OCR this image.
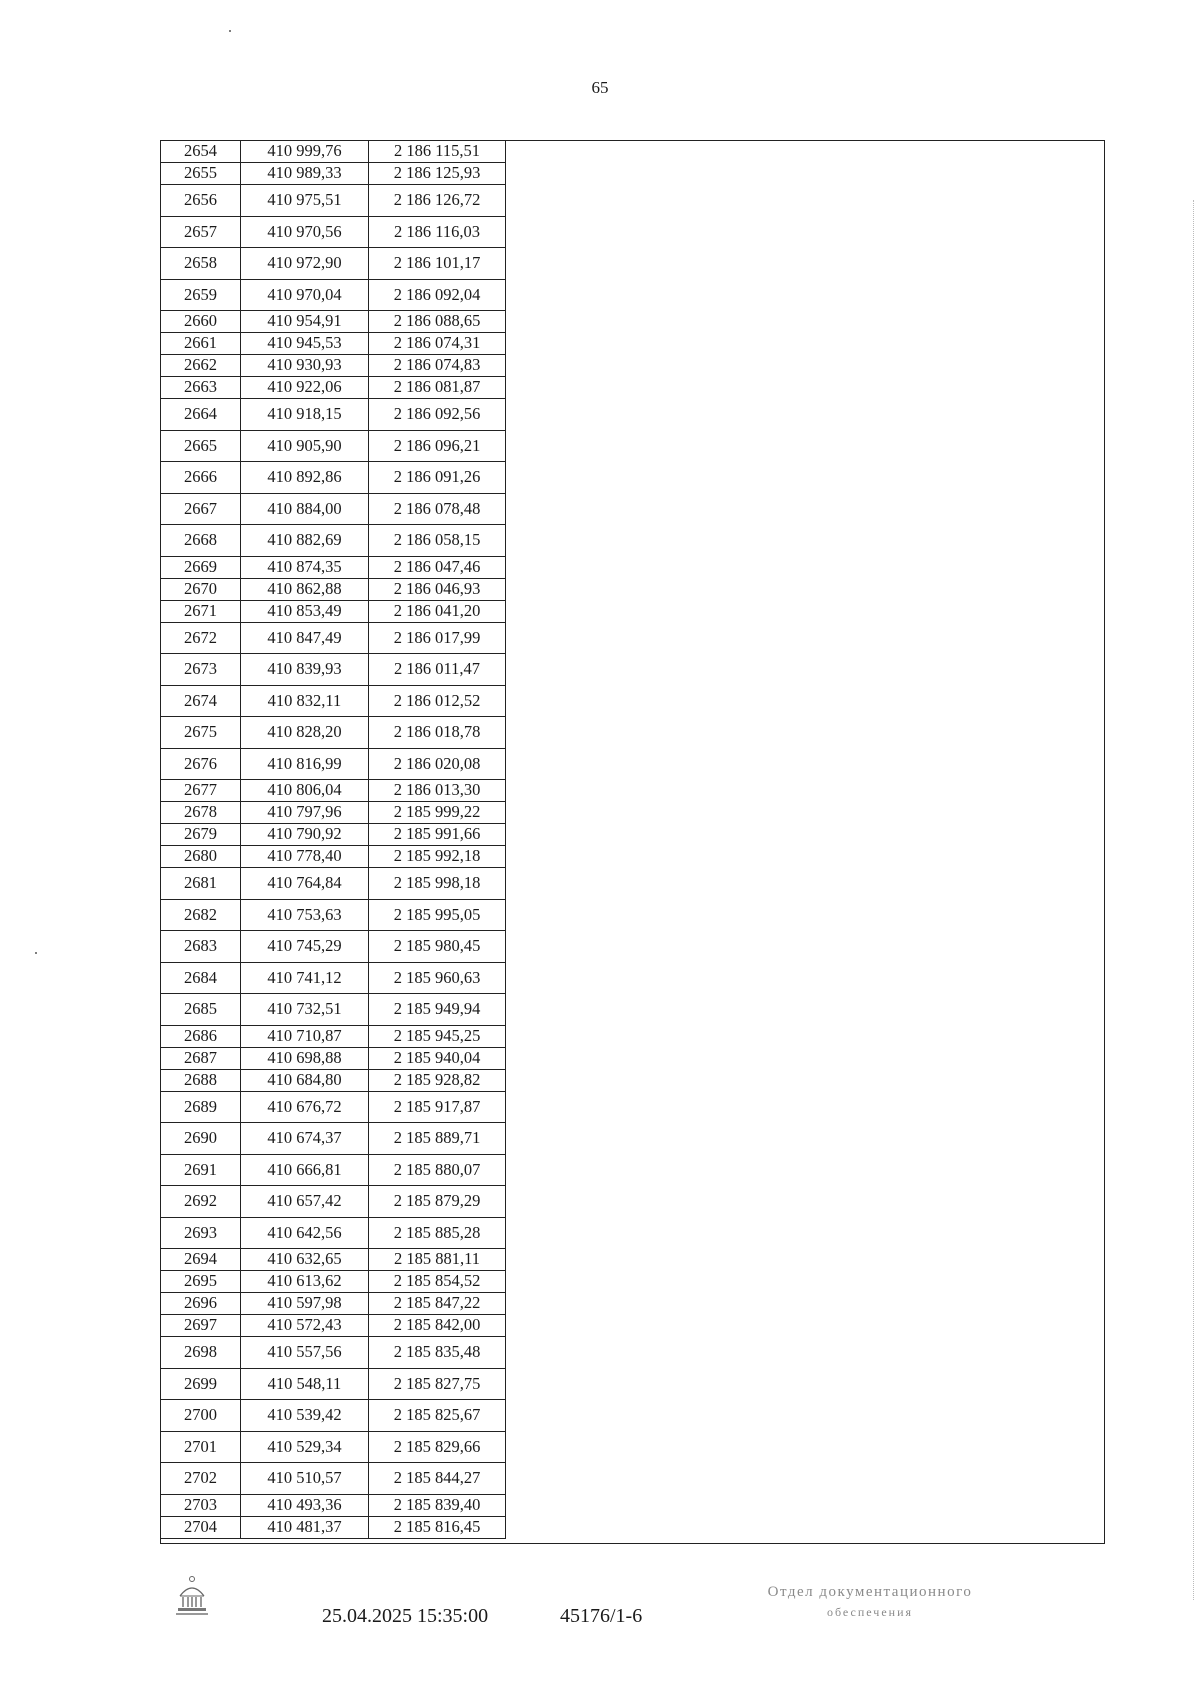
65
2654	410 999,76	2 186 115,51
2655	410 989,33	2 186 125,93
2656	410 975,51	2 186 126,72
2657	410 970,56	2 186 116,03
2658	410 972,90	2 186 101,17
2659	410 970,04	2 186 092,04
2660	410 954,91	2 186 088,65
2661	410 945,53	2 186 074,31
2662	410 930,93	2 186 074,83
2663	410 922,06	2 186 081,87
2664	410 918,15	2 186 092,56
2665	410 905,90	2 186 096,21
2666	410 892,86	2 186 091,26
2667	410 884,00	2 186 078,48
2668	410 882,69	2 186 058,15
2669	410 874,35	2 186 047,46
2670	410 862,88	2 186 046,93
2671	410 853,49	2 186 041,20
2672	410 847,49	2 186 017,99
2673	410 839,93	2 186 011,47
2674	410 832,11	2 186 012,52
2675	410 828,20	2 186 018,78
2676	410 816,99	2 186 020,08
2677	410 806,04	2 186 013,30
2678	410 797,96	2 185 999,22
2679	410 790,92	2 185 991,66
2680	410 778,40	2 185 992,18
2681	410 764,84	2 185 998,18
2682	410 753,63	2 185 995,05
2683	410 745,29	2 185 980,45
2684	410 741,12	2 185 960,63
2685	410 732,51	2 185 949,94
2686	410 710,87	2 185 945,25
2687	410 698,88	2 185 940,04
2688	410 684,80	2 185 928,82
2689	410 676,72	2 185 917,87
2690	410 674,37	2 185 889,71
2691	410 666,81	2 185 880,07
2692	410 657,42	2 185 879,29
2693	410 642,56	2 185 885,28
2694	410 632,65	2 185 881,11
2695	410 613,62	2 185 854,52
2696	410 597,98	2 185 847,22
2697	410 572,43	2 185 842,00
2698	410 557,56	2 185 835,48
2699	410 548,11	2 185 827,75
2700	410 539,42	2 185 825,67
2701	410 529,34	2 185 829,66
2702	410 510,57	2 185 844,27
2703	410 493,36	2 185 839,40
2704	410 481,37	2 185 816,45
25.04.2025 15:35:00	45176/1-6
Отдел документационного
обеспечения
